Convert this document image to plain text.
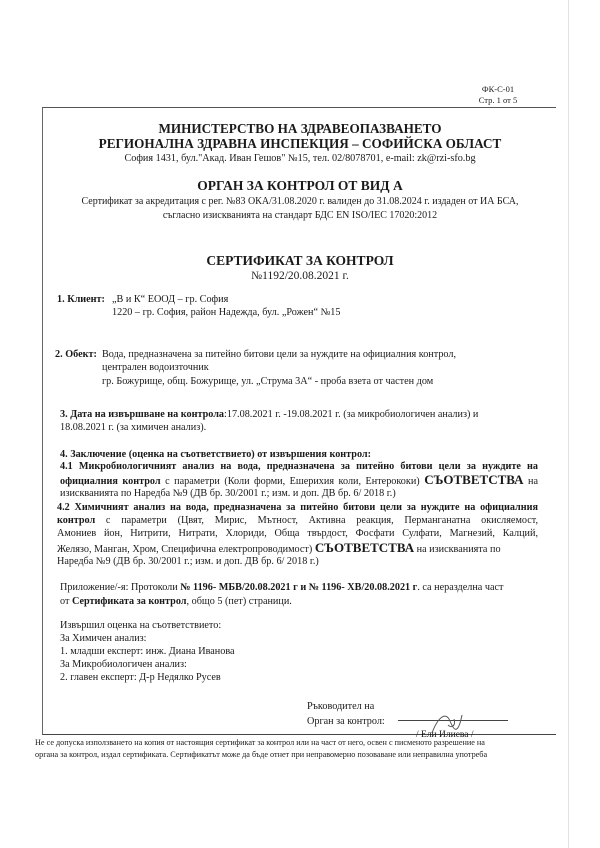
ФК-С-01
Стр. 1 от 5
МИНИСТЕРСТВО НА ЗДРАВЕОПАЗВАНЕТО
РЕГИОНАЛНА ЗДРАВНА ИНСПЕКЦИЯ – СОФИЙСКА ОБЛАСТ
София 1431, бул."Акад. Иван Гешов" №15, тел. 02/8078701, e-mail: zk@rzi-sfo.bg
ОРГАН ЗА КОНТРОЛ ОТ ВИД А
Сертификат за акредитация с рег. №83 ОКА/31.08.2020 г. валиден до 31.08.2024 г. издаден от ИА БСА,
съгласно изискванията на стандарт БДС EN ISO/IEC 17020:2012
СЕРТИФИКАТ ЗА КОНТРОЛ
№1192/20.08.2021 г.
1. Клиент: „В и К“ ЕООД – гр. София
1220 – гр. София, район Надежда, бул. „Рожен“ №15
2. Обект: Вода, предназначена за питейно битови цели за нуждите на официалния контрол,
централен водоизточник
гр. Божурище, общ. Божурище, ул. „Струма 3А“ - проба взета от частен дом
3. Дата на извършване на контрола:17.08.2021 г. -19.08.2021 г. (за микробиологичен анализ) и
18.08.2021 г. (за химичен анализ).
4. Заключение (оценка на съответствието) от извършения контрол:
4.1 Микробиологичният анализ на вода, предназначена за питейно битови цели за нуждите на
официалния контрол с параметри (Коли форми, Ешерихия коли, Ентерококи) СЪОТВЕТСТВА на
изискванията по Наредба №9 (ДВ бр. 30/2001 г.; изм. и доп. ДВ бр. 6/ 2018 г.)
4.2 Химичният анализ на вода, предназначена за питейно битови цели за нуждите на официалния
контрол с параметри (Цвят, Мирис, Мътност, Активна реакция, Перманганатна окисляемост,
Амониев йон, Нитрити, Нитрати, Хлориди, Обща твърдост, Фосфати Сулфати, Магнезий, Калций,
Желязо, Манган, Хром, Специфична електропроводимост) СЪОТВЕТСТВА на изискванията по
Наредба №9 (ДВ бр. 30/2001 г.; изм. и доп. ДВ бр. 6/ 2018 г.)
Приложение/-я: Протоколи № 1196- МБВ/20.08.2021 г и № 1196- ХВ/20.08.2021 г. са неразделна част
от Сертификата за контрол, общо 5 (пет) страници.
Извършил оценка на съответствието:
За Химичен анализ:
1. младши експерт: инж. Диана Иванова
За Микробиологичен анализ:
2. главен експерт: Д-р Недялко Русев
Ръководител на
Орган за контрол:
/ Ели Илиева /
Не се допуска използването на копия от настоящия сертификат за контрол или на част от него, освен с писменото разрешение на
органа за контрол, издал сертификата. Сертификатът може да бъде отнет при неправомерно позоваване или неправилна употреба
